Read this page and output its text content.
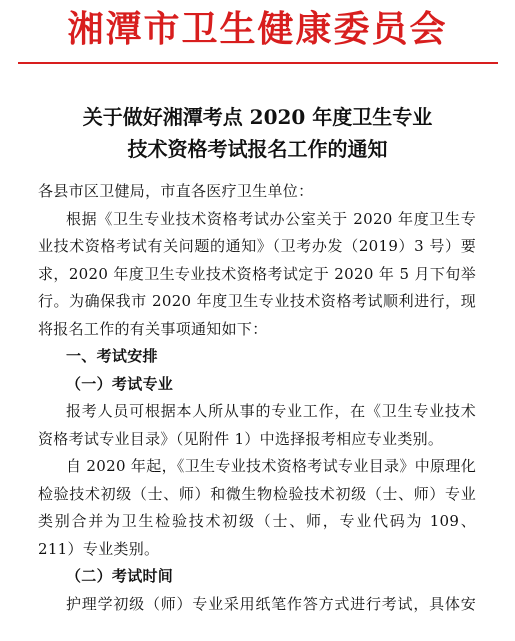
湘潭市卫生健康委员会
关于做好湘潭考点 2020 年度卫生专业
技术资格考试报名工作的通知
各县市区卫健局，市直各医疗卫生单位：
根据《卫生专业技术资格考试办公室关于 2020 年度卫生专
业技术资格考试有关问题的通知》（卫考办发（2019）3 号）要
求，2020 年度卫生专业技术资格考试定于 2020 年 5 月下旬举
行。为确保我市 2020 年度卫生专业技术资格考试顺利进行，现
将报名工作的有关事项通知如下：
一、考试安排
（一）考试专业
报考人员可根据本人所从事的专业工作，在《卫生专业技术
资格考试专业目录》（见附件 1）中选择报考相应专业类别。
自 2020 年起，《卫生专业技术资格考试专业目录》中原理化
检验技术初级（士、师）和微生物检验技术初级（士、师）专业
类别合并为卫生检验技术初级（士、师，专业代码为 109、
211）专业类别。
（二）考试时间
护理学初级（师）专业采用纸笔作答方式进行考试，具体安
